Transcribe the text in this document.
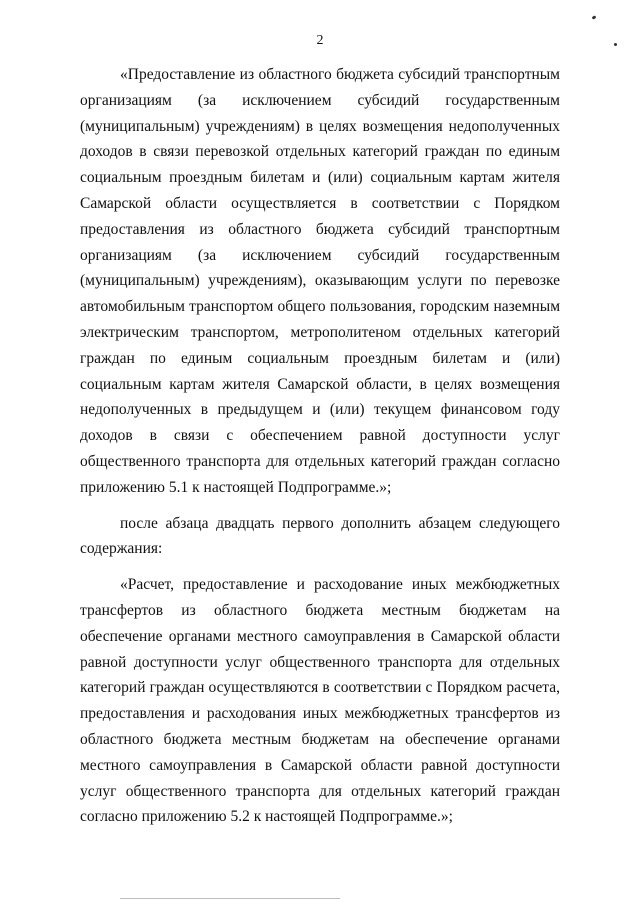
2

«Предоставление из областного бюджета субсидий транспортным организациям (за исключением субсидий государственным (муниципальным) учреждениям) в целях возмещения недополученных доходов в связи перевозкой отдельных категорий граждан по единым социальным проездным билетам и (или) социальным картам жителя Самарской области осуществляется в соответствии с Порядком предоставления из областного бюджета субсидий транспортным организациям (за исключением субсидий государственным (муниципальным) учреждениям), оказывающим услуги по перевозке автомобильным транспортом общего пользования, городским наземным электрическим транспортом, метрополитеном отдельных категорий граждан по единым социальным проездным билетам и (или) социальным картам жителя Самарской области, в целях возмещения недополученных в предыдущем и (или) текущем финансовом году доходов в связи с обеспечением равной доступности услуг общественного транспорта для отдельных категорий граждан согласно приложению 5.1 к настоящей Подпрограмме.»;

после абзаца двадцать первого дополнить абзацем следующего содержания:

«Расчет, предоставление и расходование иных межбюджетных трансфертов из областного бюджета местным бюджетам на обеспечение органами местного самоуправления в Самарской области равной доступности услуг общественного транспорта для отдельных категорий граждан осуществляются в соответствии с Порядком расчета, предоставления и расходования иных межбюджетных трансфертов из областного бюджета местным бюджетам на обеспечение органами местного самоуправления в Самарской области равной доступности услуг общественного транспорта для отдельных категорий граждан согласно приложению 5.2 к настоящей Подпрограмме.»;
